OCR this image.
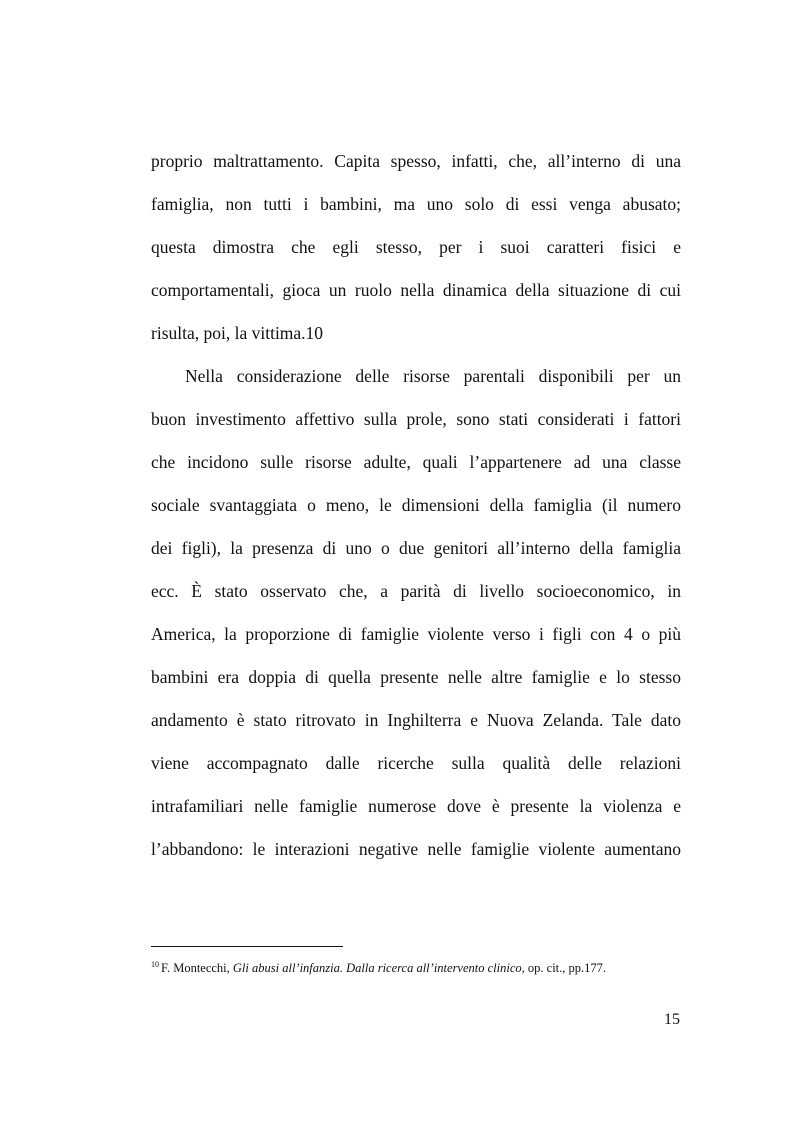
proprio maltrattamento. Capita spesso, infatti, che, all’interno di una
famiglia, non tutti i bambini, ma uno solo di essi venga abusato;
questa dimostra che egli stesso, per i suoi caratteri fisici e
comportamentali, gioca un ruolo nella dinamica della situazione di cui
risulta, poi, la vittima.10
Nella considerazione delle risorse parentali disponibili per un
buon investimento affettivo sulla prole, sono stati considerati i fattori
che incidono sulle risorse adulte, quali l’appartenere ad una classe
sociale svantaggiata o meno, le dimensioni della famiglia (il numero
dei figli), la presenza di uno o due genitori all’interno della famiglia
ecc. È stato osservato che, a parità di livello socioeconomico, in
America, la proporzione di famiglie violente verso i figli con 4 o più
bambini era doppia di quella presente nelle altre famiglie e lo stesso
andamento è stato ritrovato in Inghilterra e Nuova Zelanda. Tale dato
viene accompagnato dalle ricerche sulla qualità delle relazioni
intrafamiliari nelle famiglie numerose dove è presente la violenza e
l’abbandono: le interazioni negative nelle famiglie violente aumentano
$^{10}$ F. Montecchi, Gli abusi all’infanzia. Dalla ricerca all’intervento clinico, op. cit., pp.177.
15
